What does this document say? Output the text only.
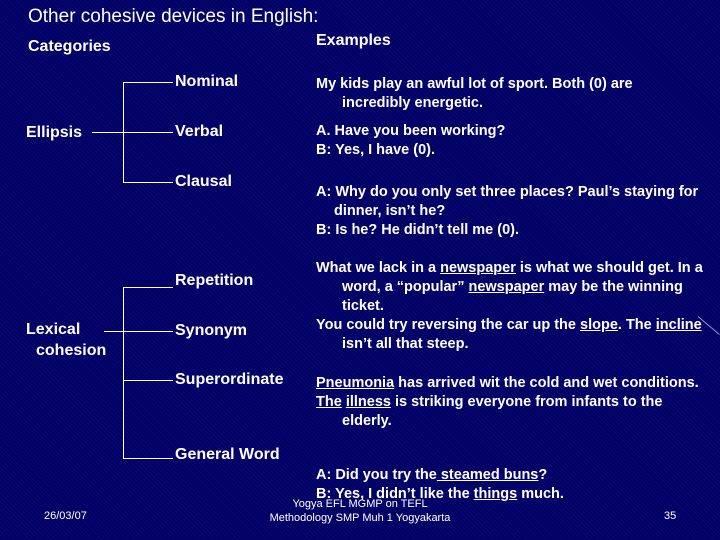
Other cohesive devices in English:
Categories	Examples
Ellipsis
Nominal
Verbal
Clausal

My kids play an awful lot of sport. Both (0) are incredibly energetic.

A. Have you been working?

B: Yes, I have (0).

A: Why do you only set three places? Paul’s staying for dinner, isn’t he?

B: Is he? He didn’t tell me (0).

Lexical
cohesion
Repetition
Synonym
Superordinate
General Word

What we lack in a newspaper is what we should get. In a word, a “popular” newspaper may be the winning ticket.

You could try reversing the car up the slope. The incline isn’t all that steep.

Pneumonia has arrived wit the cold and wet conditions.

The illness is striking everyone from infants to the elderly.

A: Did you try the steamed buns?

B: Yes, I didn’t like the things much.

26/03/07
Yogya EFL MGMP on TEFL
Methodology SMP Muh 1 Yogyakarta	35
